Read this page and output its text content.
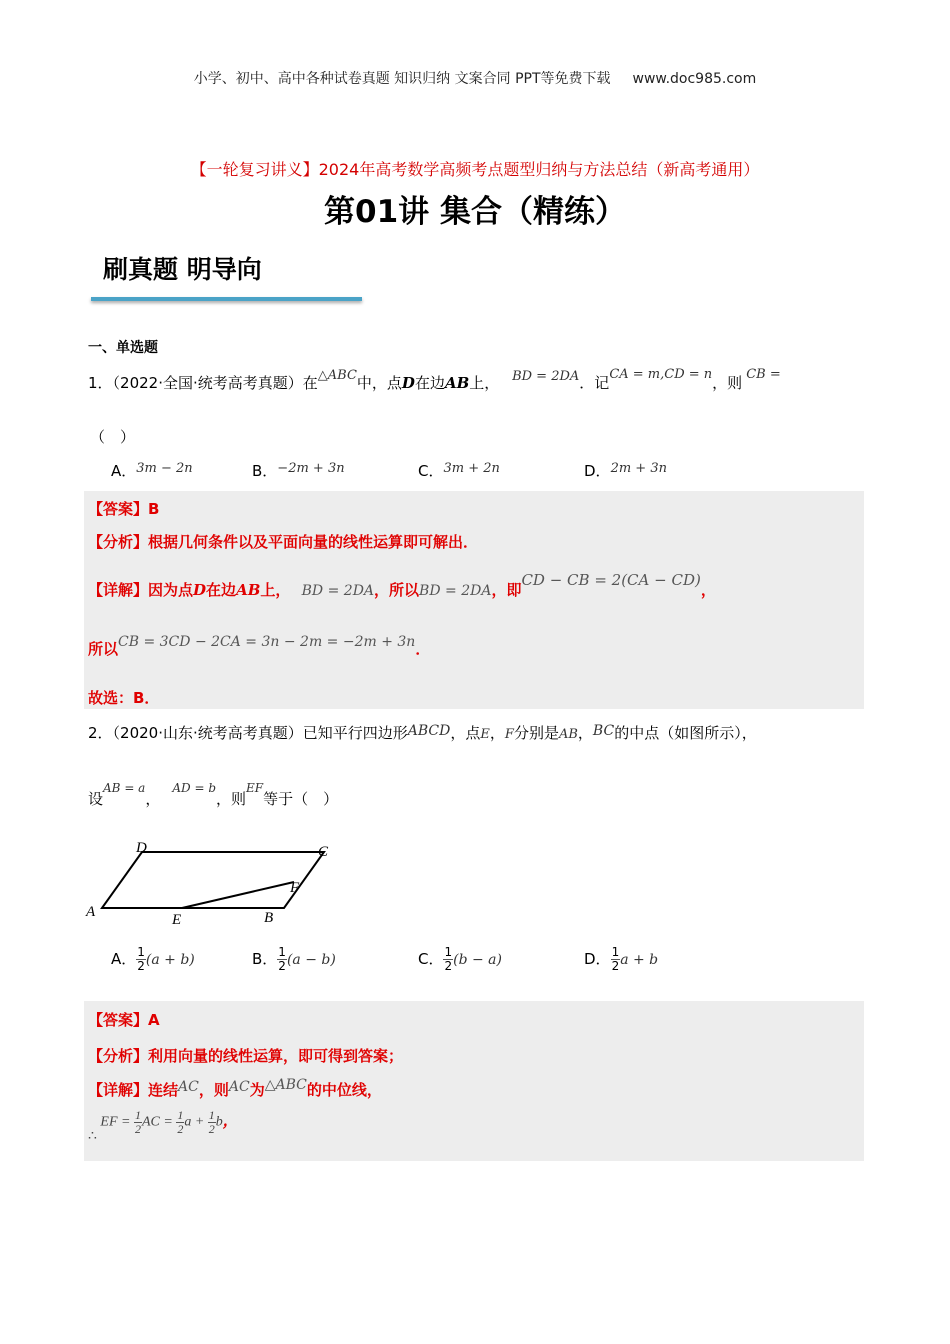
小学、初中、高中各种试卷真题 知识归纳 文案合同 PPT等免费下载 www.doc985.com
【一轮复习讲义】2024年高考数学高频考点题型归纳与方法总结（新高考通用）
第01讲 集合（精练）
刷真题 明导向
一、单选题
1．（2022·全国·统考高考真题）在△ABC中，点D在边AB上， BD = 2DA．记CA = m,CD = n，则 CB =
（　）
A．3m − 2n	B．−2m + 3n	C．3m + 2n	D．2m + 3n
【答案】B
【分析】根据几何条件以及平面向量的线性运算即可解出．
【详解】因为点D在边AB上， BD = 2DA，所以BD = 2DA，即CD − CB = 2(CA − CD)，
所以CB = 3CD − 2CA = 3n − 2m = −2m + 3n．
故选：B．
2．（2020·山东·统考高考真题）已知平行四边形ABCD，点E，F分别是AB，BC的中点（如图所示），
设$^{AB = a}$，$^{AD = b}$，则$^{EF}$等于（　）
A
D	C
B
E
F
A． $\frac{1}{2} (a + b)$	B． $\frac{1}{2} (a - b)$	C． $\frac{1}{2} (b - a)$	D． $\frac{1}{2}$ a + b
【答案】A
【分析】利用向量的线性运算，即可得到答案；
【详解】连结AC，则AC为△ABC的中位线，
∴ EF = $\frac{1}{2}$ AC = $\frac{1}{2}$ $a + \frac{1}{2}$ b，
